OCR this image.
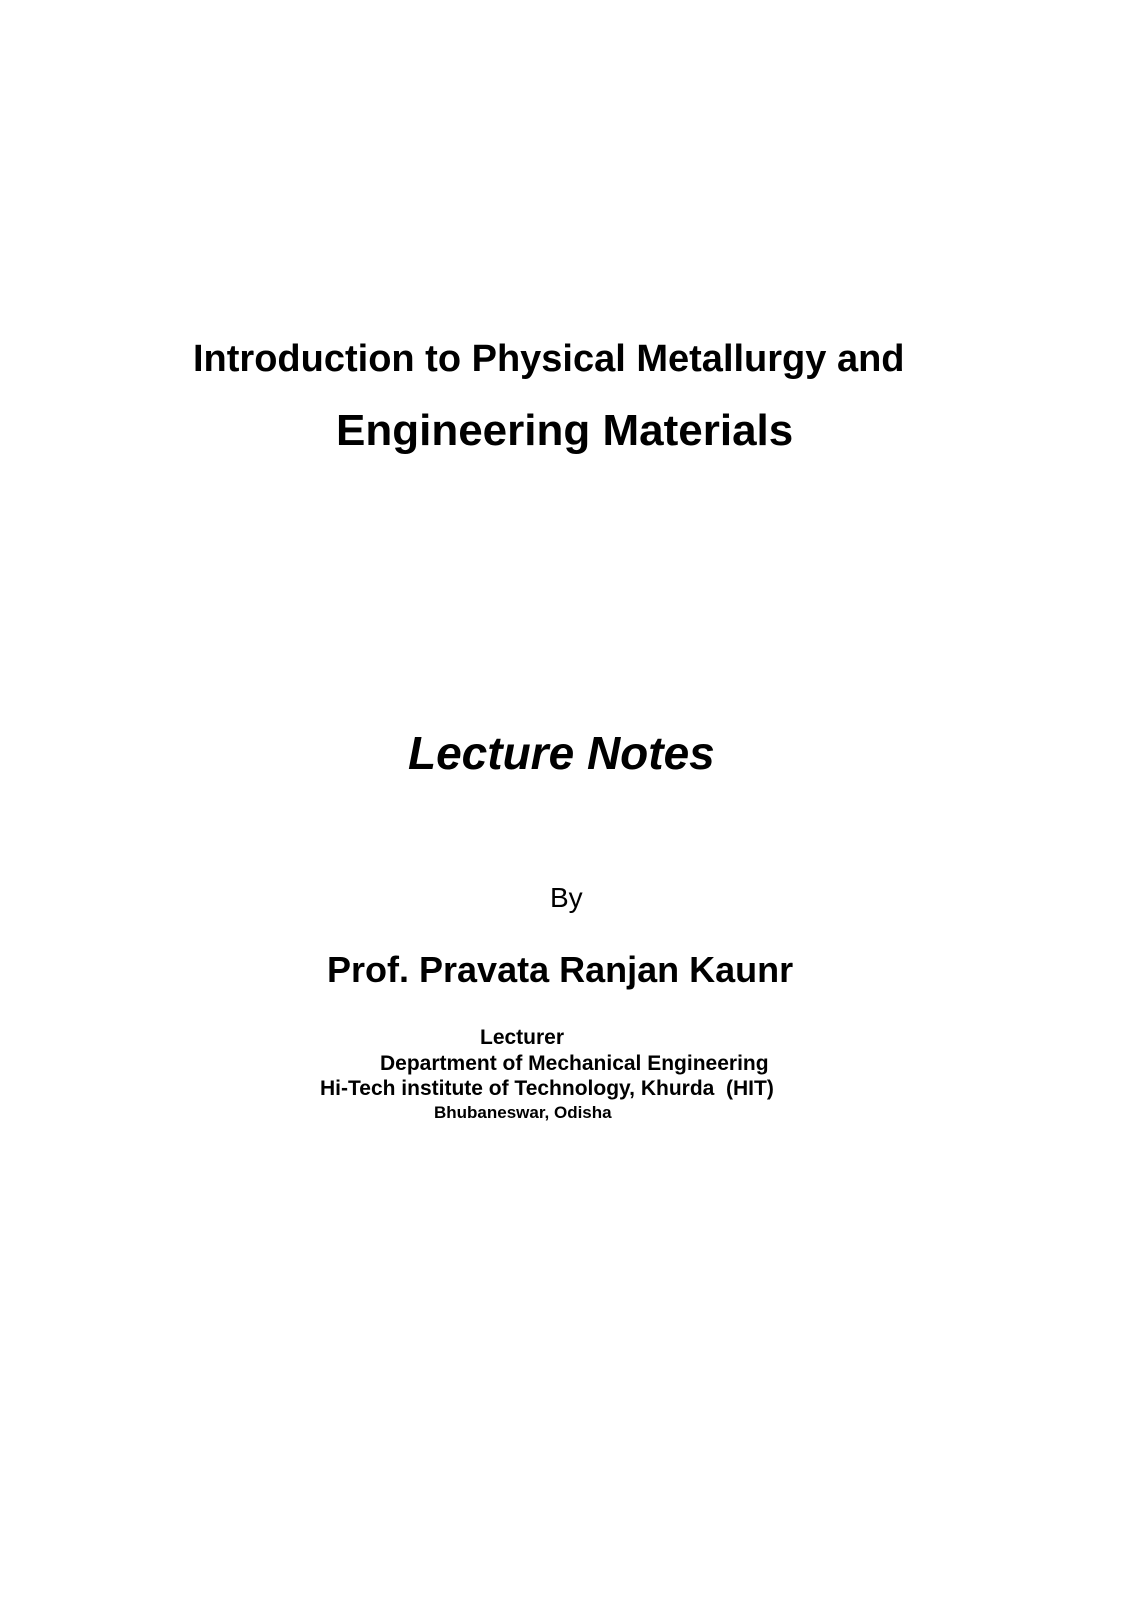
Introduction to Physical Metallurgy and
Engineering Materials
Lecture Notes
By
Prof. Pravata Ranjan Kaunr
Lecturer
Department of Mechanical Engineering
Hi-Tech institute of Technology, Khurda  (HIT)
Bhubaneswar, Odisha
